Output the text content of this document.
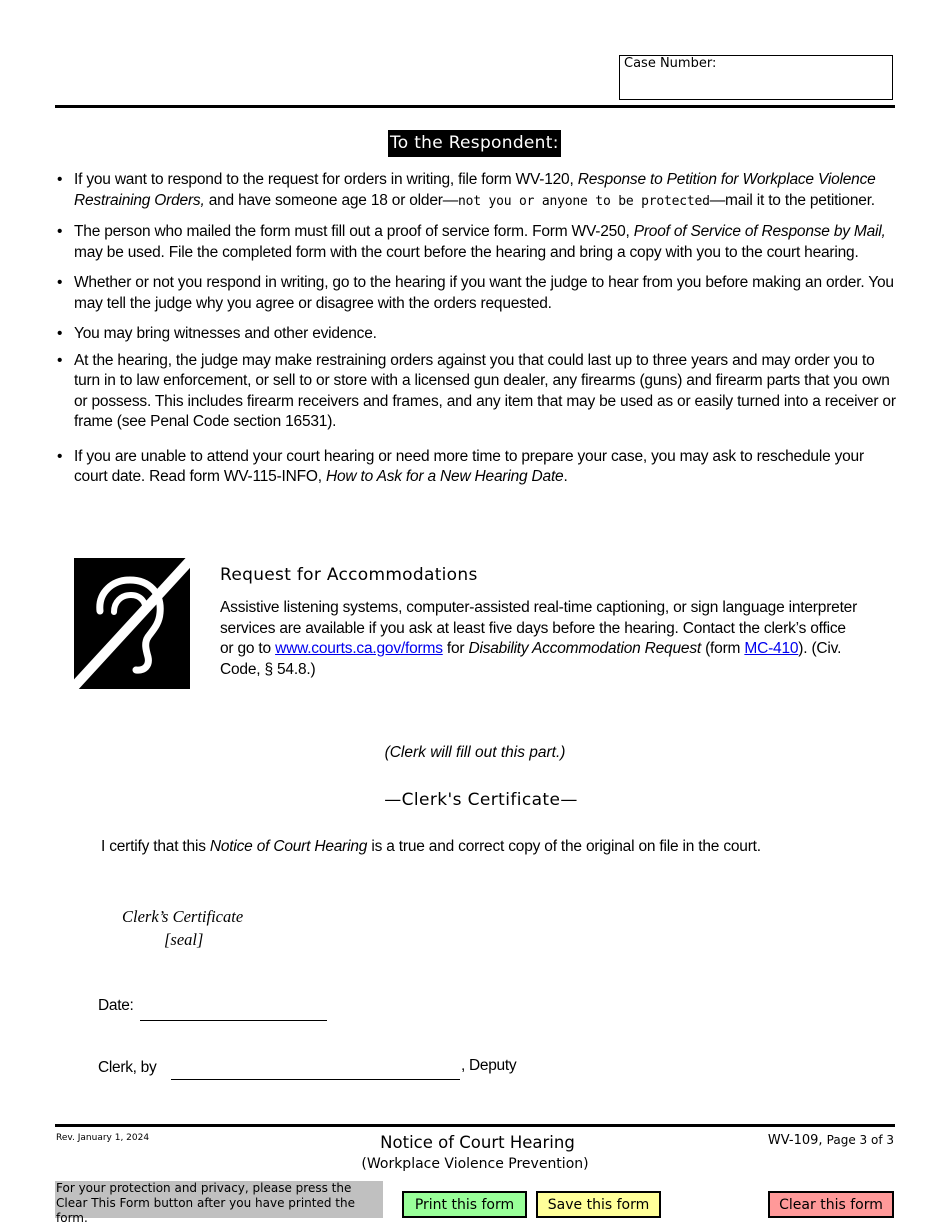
Case Number:
To the Respondent:
• If you want to respond to the request for orders in writing, file form WV-120, Response to Petition for Workplace Violence Restraining Orders, and have someone age 18 or older—not you or anyone to be protected—mail it to the petitioner.
• The person who mailed the form must fill out a proof of service form. Form WV-250, Proof of Service of Response by Mail, may be used. File the completed form with the court before the hearing and bring a copy with you to the court hearing.
• Whether or not you respond in writing, go to the hearing if you want the judge to hear from you before making an order. You may tell the judge why you agree or disagree with the orders requested.
• You may bring witnesses and other evidence.
• At the hearing, the judge may make restraining orders against you that could last up to three years and may order you to turn in to law enforcement, or sell to or store with a licensed gun dealer, any firearms (guns) and firearm parts that you own or possess. This includes firearm receivers and frames, and any item that may be used as or easily turned into a receiver or frame (see Penal Code section 16531).
• If you are unable to attend your court hearing or need more time to prepare your case, you may ask to reschedule your court date. Read form WV-115-INFO, How to Ask for a New Hearing Date.
Request for Accommodations
Assistive listening systems, computer-assisted real-time captioning, or sign language interpreter services are available if you ask at least five days before the hearing. Contact the clerk’s office or go to www.courts.ca.gov/forms for Disability Accommodation Request (form MC-410). (Civ. Code, § 54.8.)
(Clerk will fill out this part.)
—Clerk's Certificate—
I certify that this Notice of Court Hearing is a true and correct copy of the original on file in the court.
Clerk’s Certificate
[seal]
Date:
Clerk, by	, Deputy
Rev. January 1, 2024	Notice of Court Hearing
(Workplace Violence Prevention)
WV-109, Page 3 of 3
For your protection and privacy, please press the Clear This Form button after you have printed the form.
Print this form	Save this form	Clear this form
